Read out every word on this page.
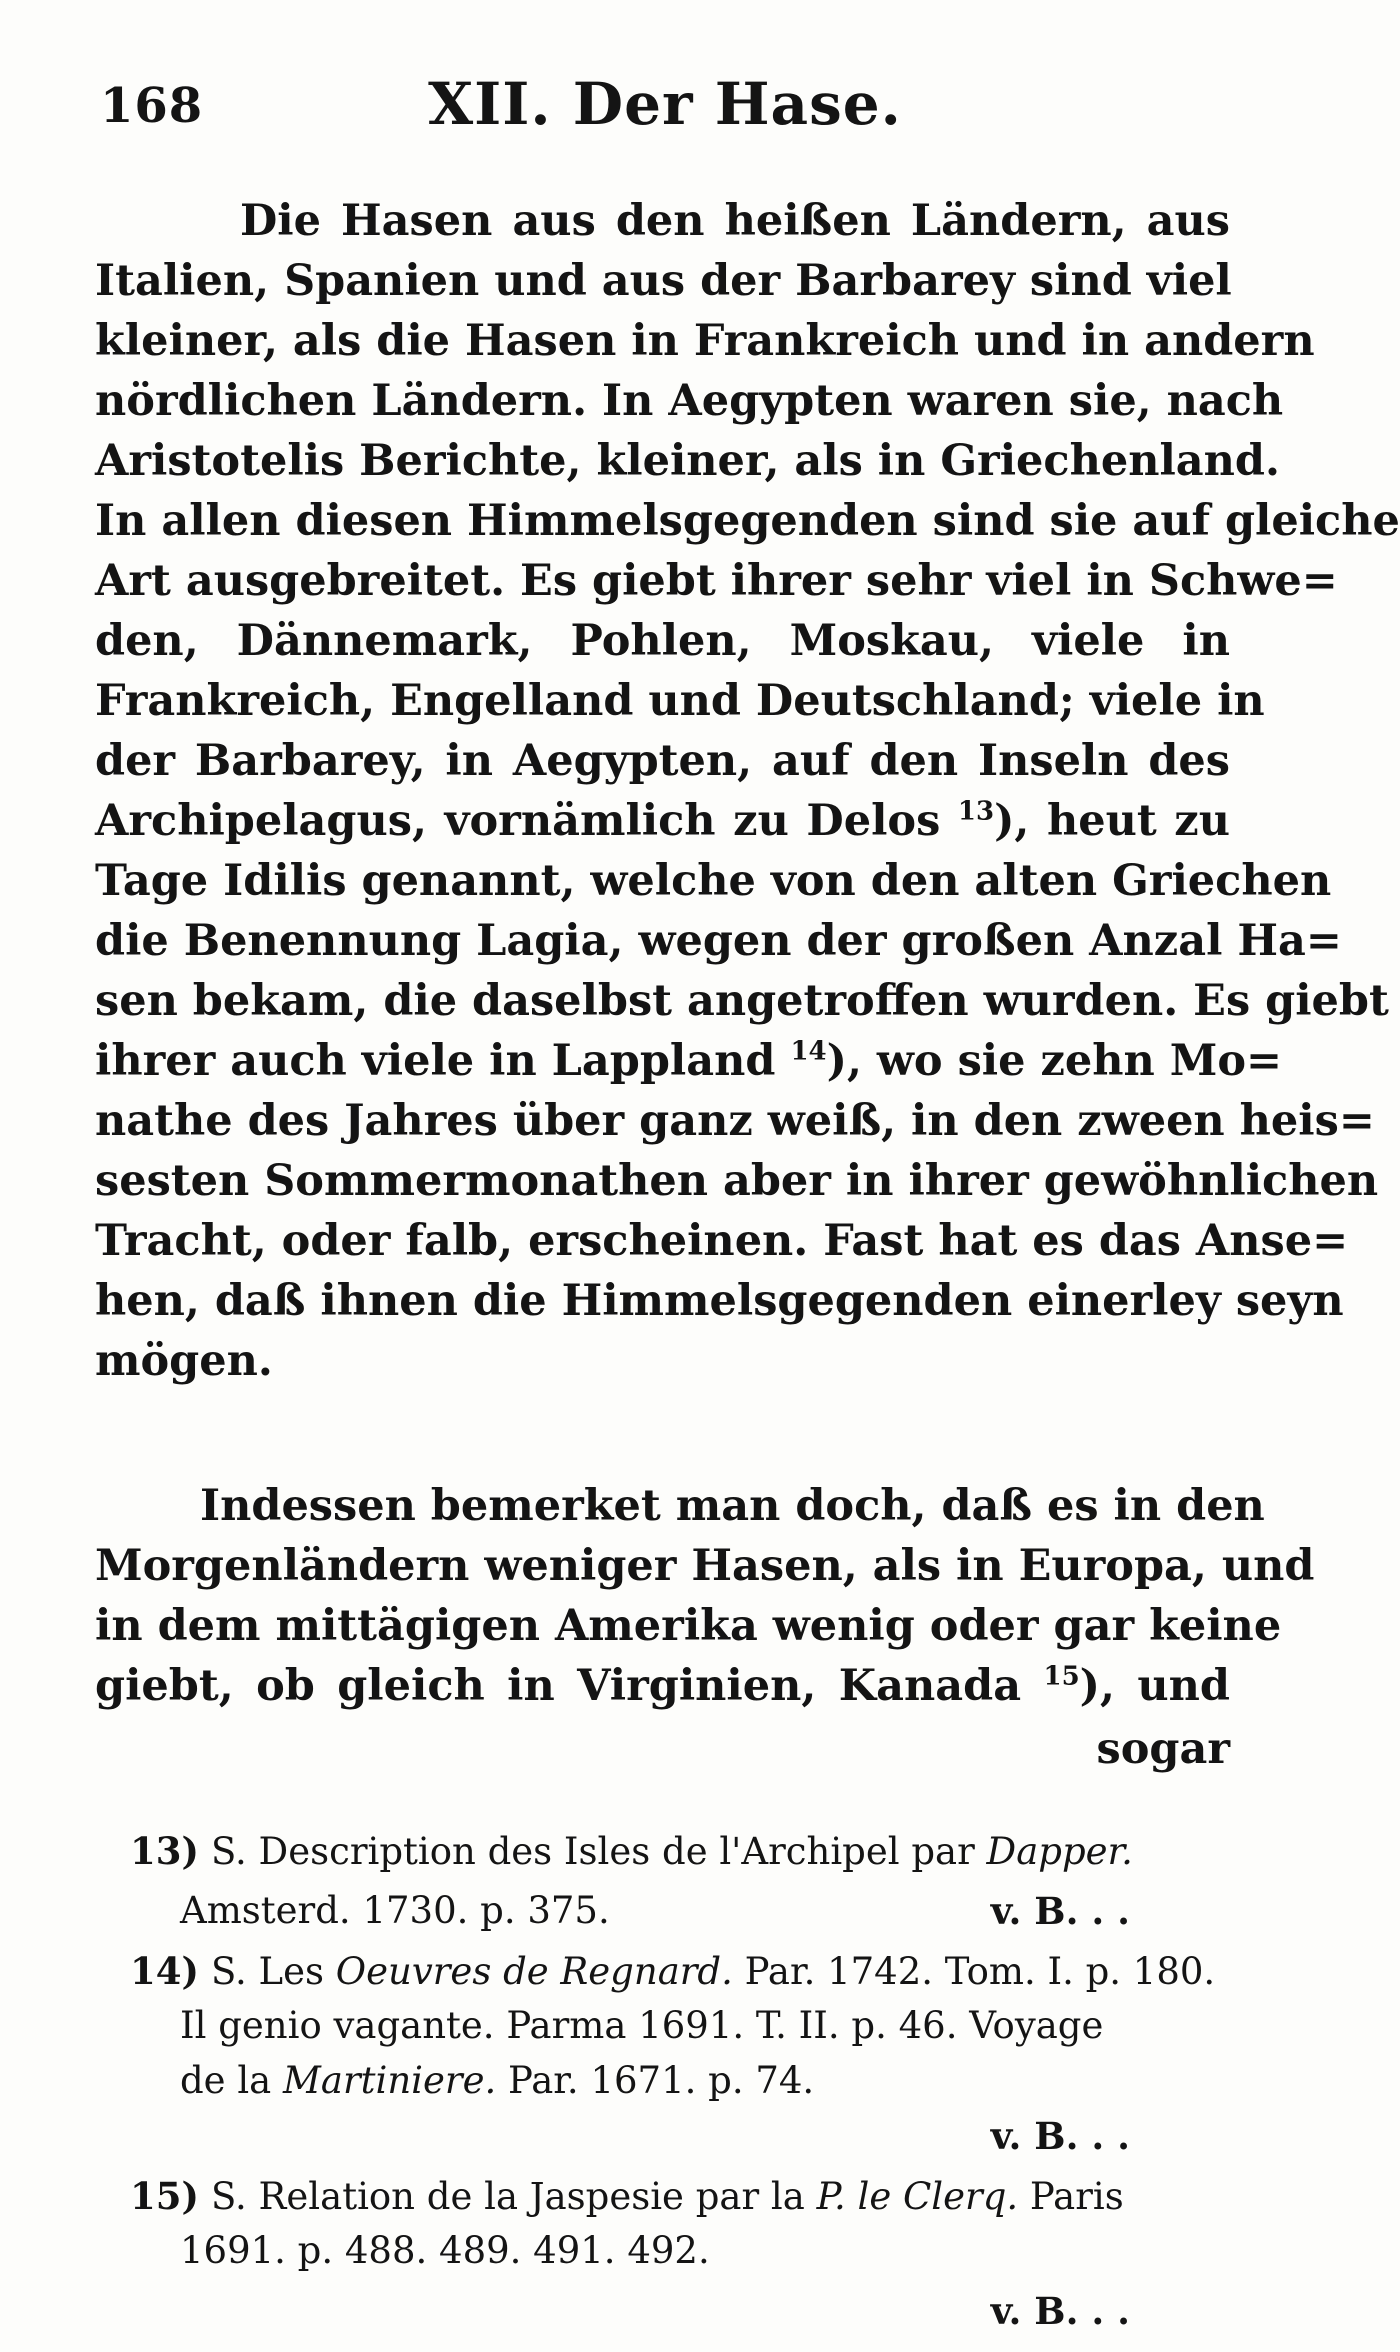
168	XII. Der Hase.
Die Hasen aus den heißen Ländern, aus
Italien, Spanien und aus der Barbarey sind viel
kleiner, als die Hasen in Frankreich und in andern
nördlichen Ländern. In Aegypten waren sie, nach
Aristotelis Berichte, kleiner, als in Griechenland.
In allen diesen Himmelsgegenden sind sie auf gleiche
Art ausgebreitet. Es giebt ihrer sehr viel in Schwe=
den, Dännemark, Pohlen, Moskau, viele in
Frankreich, Engelland und Deutschland; viele in
der Barbarey, in Aegypten, auf den Inseln des
Archipelagus, vornämlich zu Delos $^{13}$), heut zu
Tage Idilis genannt, welche von den alten Griechen
die Benennung Lagia, wegen der großen Anzal Ha=
sen bekam, die daselbst angetroffen wurden. Es giebt
ihrer auch viele in Lappland $^{14}$), wo sie zehn Mo=
nathe des Jahres über ganz weiß, in den zween heis=
sesten Sommermonathen aber in ihrer gewöhnlichen
Tracht, oder falb, erscheinen. Fast hat es das Anse=
hen, daß ihnen die Himmelsgegenden einerley seyn
mögen.
Indessen bemerket man doch, daß es in den
Morgenländern weniger Hasen, als in Europa, und
in dem mittägigen Amerika wenig oder gar keine
giebt, ob gleich in Virginien, Kanada $^{15}$), und
sogar
13) S. Description des Isles de l'Archipel par Dapper.
Amsterd. 1730. p. 375.	v. B. . .
14) S. Les Oeuvres de Regnard. Par. 1742. Tom. I. p. 180.
Il genio vagante. Parma 1691. T. II. p. 46. Voyage
de la Martiniere. Par. 1671. p. 74.
v. B. . .
15) S. Relation de la Jaspesie par la P. le Clerq. Paris
1691. p. 488. 489. 491. 492.
v. B. . .
